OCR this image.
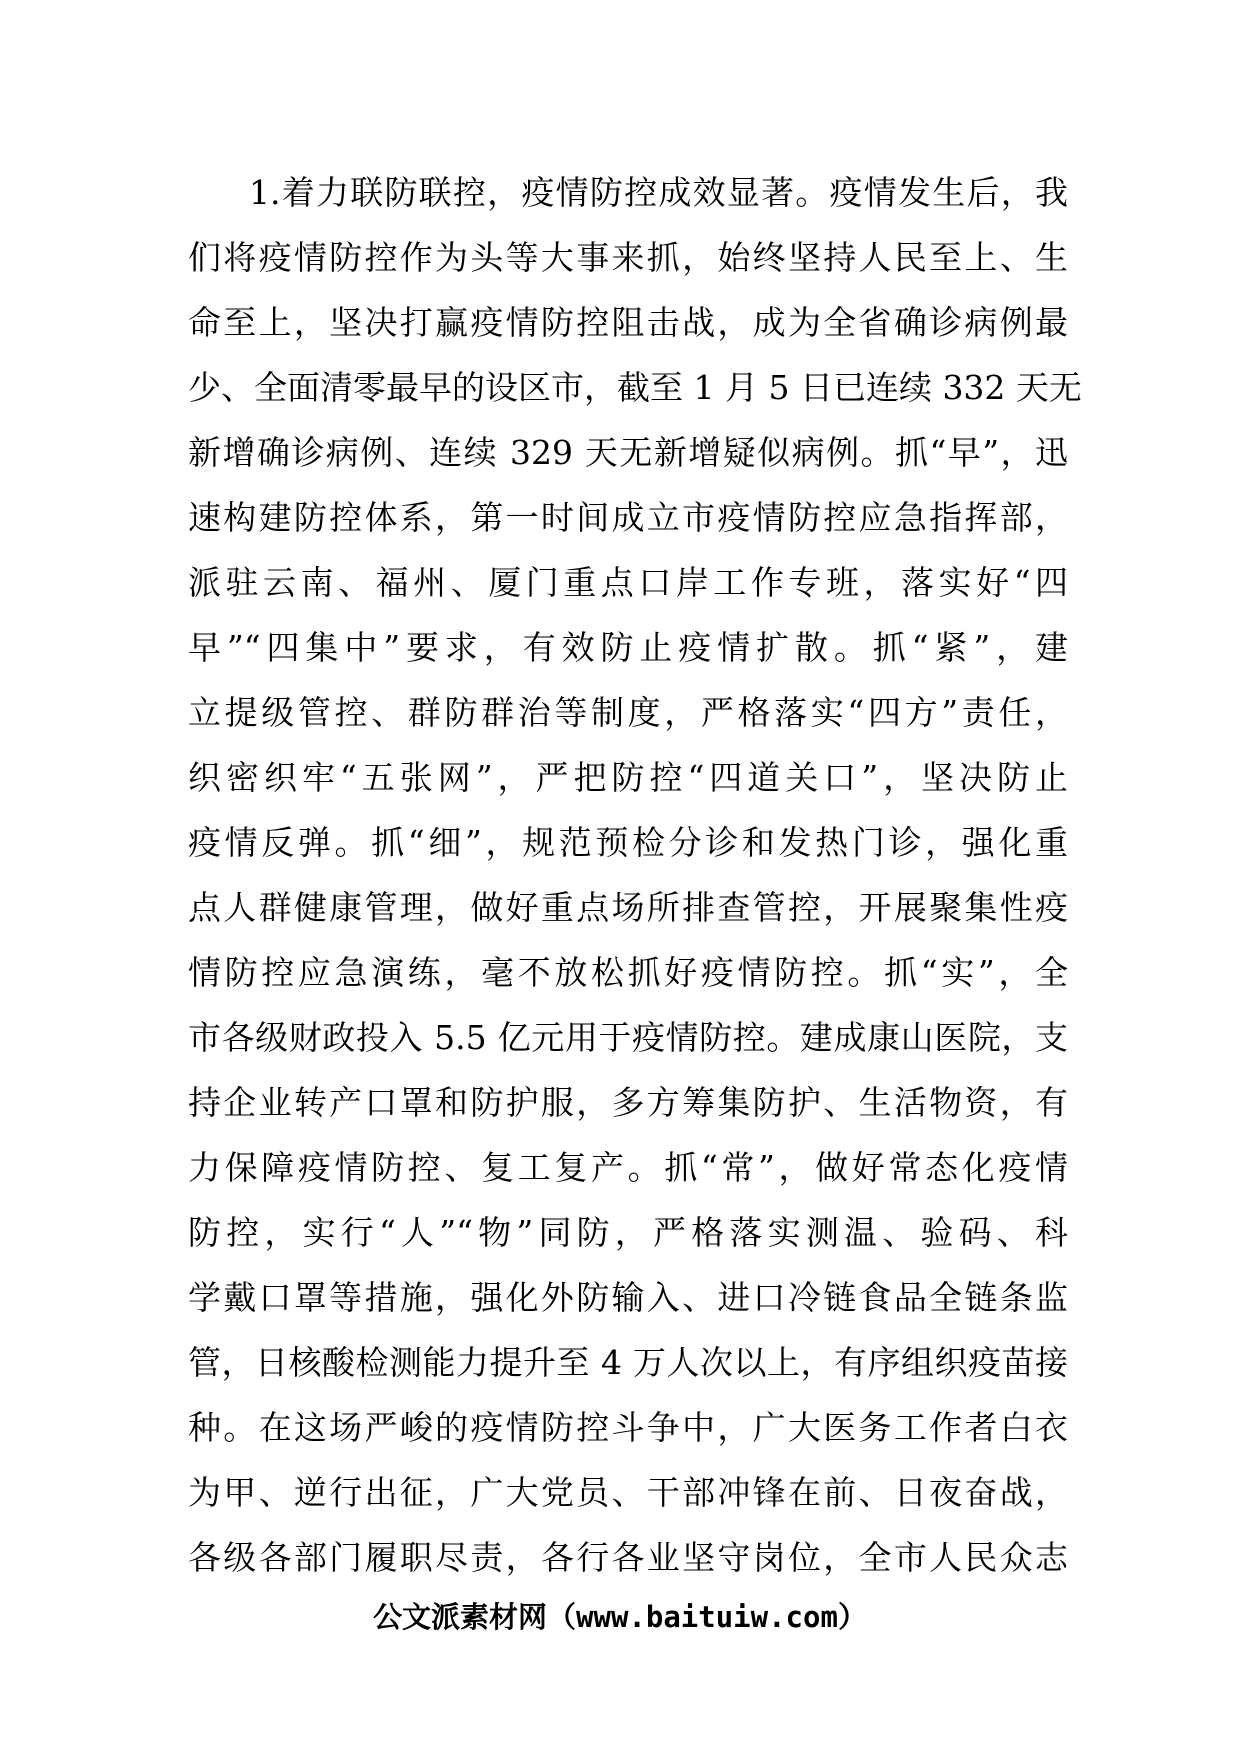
1.着力联防联控，疫情防控成效显著。疫情发生后，我
们将疫情防控作为头等大事来抓，始终坚持人民至上、生
命至上，坚决打赢疫情防控阻击战，成为全省确诊病例最
少、全面清零最早的设区市，截至 1 月 5 日已连续 332 天无
新增确诊病例、连续 329 天无新增疑似病例。抓“早”，迅
速构建防控体系，第一时间成立市疫情防控应急指挥部，
派驻云南、福州、厦门重点口岸工作专班，落实好“四
早”“四集中”要求，有效防止疫情扩散。抓“紧”，建
立提级管控、群防群治等制度，严格落实“四方”责任，
织密织牢“五张网”，严把防控“四道关口”，坚决防止
疫情反弹。抓“细”，规范预检分诊和发热门诊，强化重
点人群健康管理，做好重点场所排查管控，开展聚集性疫
情防控应急演练，毫不放松抓好疫情防控。抓“实”，全
市各级财政投入 5.5 亿元用于疫情防控。建成康山医院，支
持企业转产口罩和防护服，多方筹集防护、生活物资，有
力保障疫情防控、复工复产。抓“常”，做好常态化疫情
防控，实行“人”“物”同防，严格落实测温、验码、科
学戴口罩等措施，强化外防输入、进口冷链食品全链条监
管，日核酸检测能力提升至 4 万人次以上，有序组织疫苗接
种。在这场严峻的疫情防控斗争中，广大医务工作者白衣
为甲、逆行出征，广大党员、干部冲锋在前、日夜奋战，
各级各部门履职尽责，各行各业坚守岗位，全市人民众志
公文派素材网（www.baituiw.com）
